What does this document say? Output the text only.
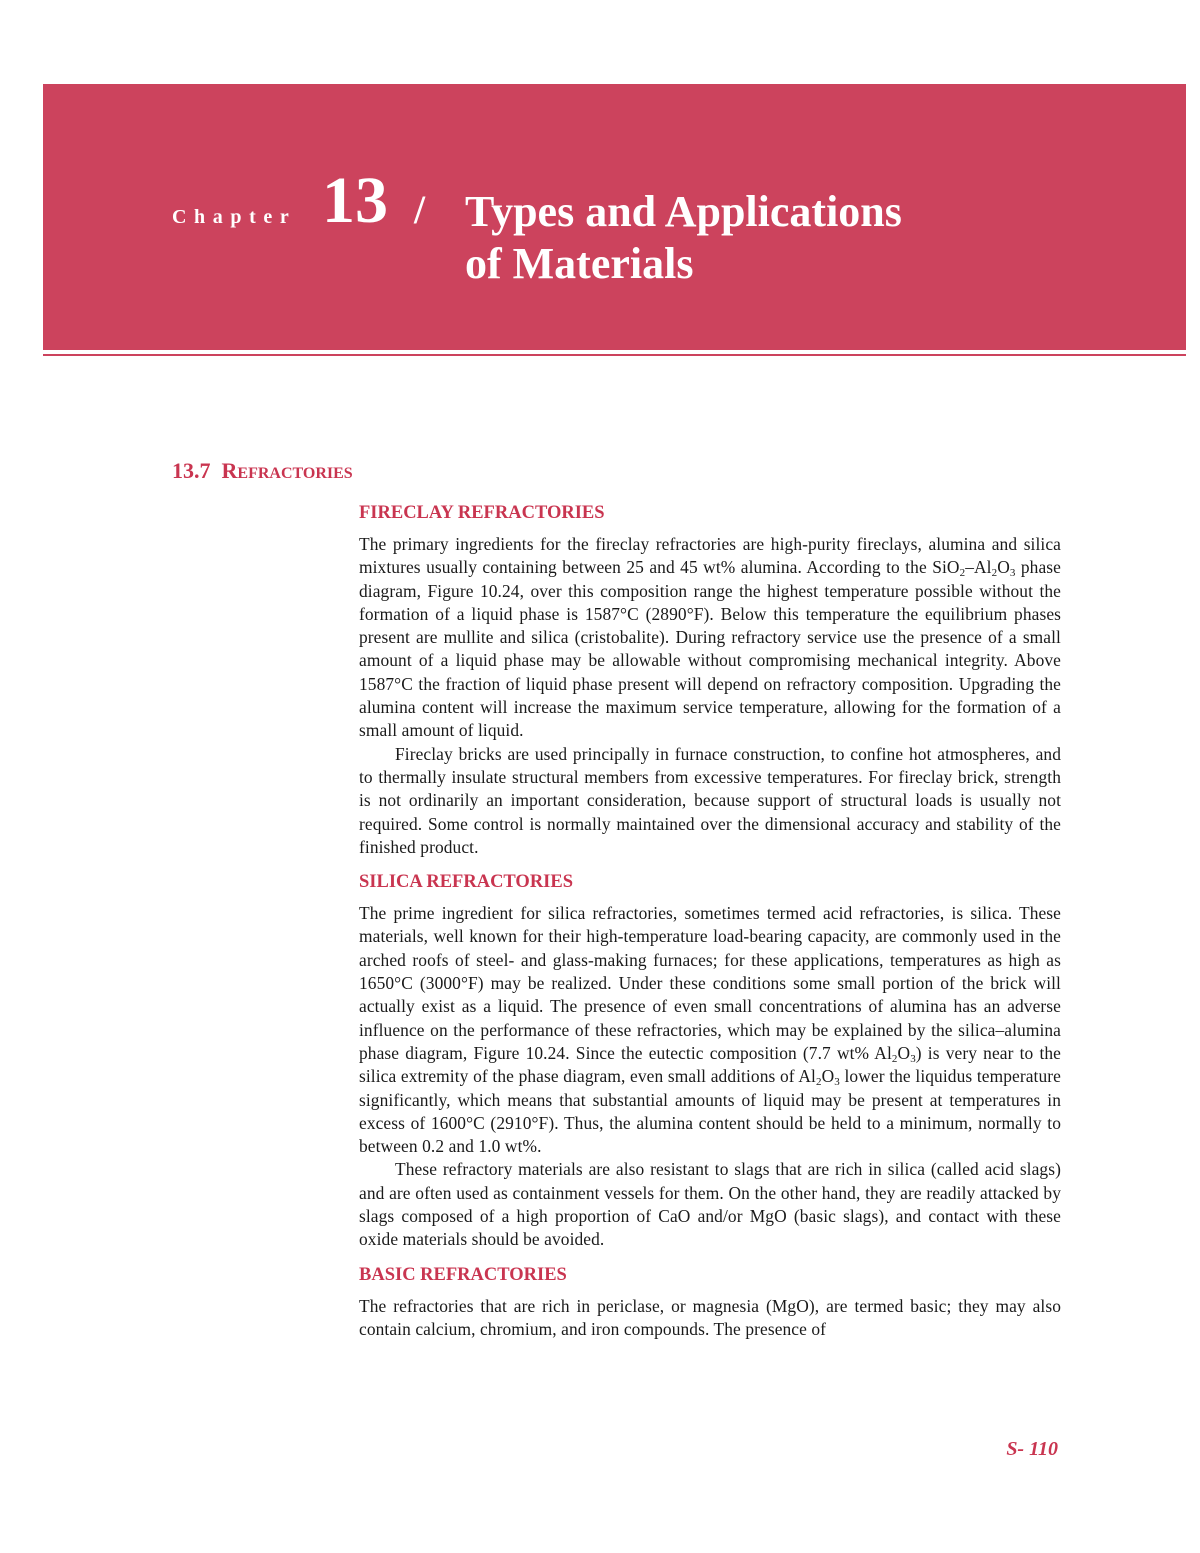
Chapter 13 / Types and Applications
of Materials
13.7 REFRACTORIES
FIRECLAY REFRACTORIES

The primary ingredients for the fireclay refractories are high-purity fireclays, alumina and silica mixtures usually containing between 25 and 45 wt% alumina. According to the $SiO_2-Al_2O_3$ phase diagram, Figure 10.24, over this composition range the highest temperature possible without the formation of a liquid phase is 1587°C (2890°F). Below this temperature the equilibrium phases present are mullite and silica (cristobalite). During refractory service use the presence of a small amount of a liquid phase may be allowable without compromising mechanical integrity. Above 1587°C the fraction of liquid phase present will depend on refractory composition. Upgrading the alumina content will increase the maximum service temperature, allowing for the formation of a small amount of liquid.

Fireclay bricks are used principally in furnace construction, to confine hot atmospheres, and to thermally insulate structural members from excessive temperatures. For fireclay brick, strength is not ordinarily an important consideration, because support of structural loads is usually not required. Some control is normally maintained over the dimensional accuracy and stability of the finished product.

SILICA REFRACTORIES

The prime ingredient for silica refractories, sometimes termed acid refractories, is silica. These materials, well known for their high-temperature load-bearing capacity, are commonly used in the arched roofs of steel- and glass-making furnaces; for these applications, temperatures as high as 1650°C (3000°F) may be realized. Under these conditions some small portion of the brick will actually exist as a liquid. The presence of even small concentrations of alumina has an adverse influence on the performance of these refractories, which may be explained by the silica–alumina phase diagram, Figure 10.24. Since the eutectic composition (7.7 wt% $Al_2O_3$) is very near to the silica extremity of the phase diagram, even small additions of $Al_2O_3$ lower the liquidus temperature significantly, which means that substantial amounts of liquid may be present at temperatures in excess of 1600°C (2910°F). Thus, the alumina content should be held to a minimum, normally to between 0.2 and 1.0 wt%.

These refractory materials are also resistant to slags that are rich in silica (called acid slags) and are often used as containment vessels for them. On the other hand, they are readily attacked by slags composed of a high proportion of CaO and/or MgO (basic slags), and contact with these oxide materials should be avoided.

BASIC REFRACTORIES

The refractories that are rich in periclase, or magnesia (MgO), are termed basic; they may also contain calcium, chromium, and iron compounds. The presence of

S- 110
